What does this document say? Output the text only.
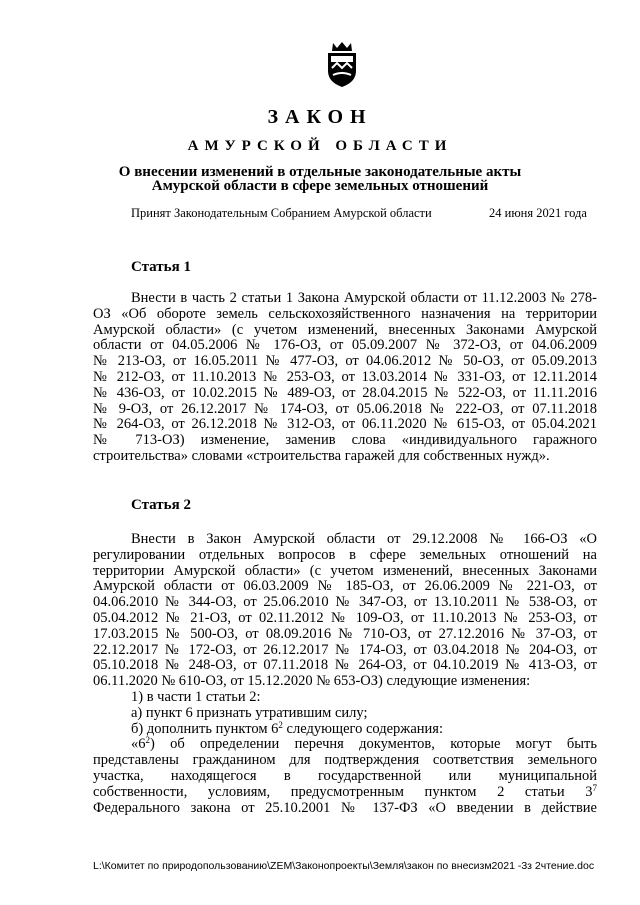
ЗАКОН
АМУРСКОЙ ОБЛАСТИ
О внесении изменений в отдельные законодательные акты
Амурской области в сфере земельных отношений
Принят Законодательным Собранием Амурской области	24 июня 2021 года
Статья 1
Внести в часть 2 статьи 1 Закона Амурской области от 11.12.2003 № 278-
ОЗ «Об обороте земель сельскохозяйственного назначения на территории
Амурской области» (с учетом изменений, внесенных Законами Амурской
области от 04.05.2006 № 176-ОЗ, от 05.09.2007 № 372-ОЗ, от 04.06.2009
№ 213-ОЗ, от 16.05.2011 № 477-ОЗ, от 04.06.2012 № 50-ОЗ, от 05.09.2013
№ 212-ОЗ, от 11.10.2013 № 253-ОЗ, от 13.03.2014 № 331-ОЗ, от 12.11.2014
№ 436-ОЗ, от 10.02.2015 № 489-ОЗ, от 28.04.2015 № 522-ОЗ, от 11.11.2016
№ 9-ОЗ, от 26.12.2017 № 174-ОЗ, от 05.06.2018 № 222-ОЗ, от 07.11.2018
№ 264-ОЗ, от 26.12.2018 № 312-ОЗ, от 06.11.2020 № 615-ОЗ, от 05.04.2021
№ 713-ОЗ) изменение, заменив слова «индивидуального гаражного
строительства» словами «строительства гаражей для собственных нужд».
Статья 2
Внести в Закон Амурской области от 29.12.2008 № 166-ОЗ «О
регулировании отдельных вопросов в сфере земельных отношений на
территории Амурской области» (с учетом изменений, внесенных Законами
Амурской области от 06.03.2009 № 185-ОЗ, от 26.06.2009 № 221-ОЗ, от
04.06.2010 № 344-ОЗ, от 25.06.2010 № 347-ОЗ, от 13.10.2011 № 538-ОЗ, от
05.04.2012 № 21-ОЗ, от 02.11.2012 № 109-ОЗ, от 11.10.2013 № 253-ОЗ, от
17.03.2015 № 500-ОЗ, от 08.09.2016 № 710-ОЗ, от 27.12.2016 № 37-ОЗ, от
22.12.2017 № 172-ОЗ, от 26.12.2017 № 174-ОЗ, от 03.04.2018 № 204-ОЗ, от
05.10.2018 № 248-ОЗ, от 07.11.2018 № 264-ОЗ, от 04.10.2019 № 413-ОЗ, от
06.11.2020 № 610-ОЗ, от 15.12.2020 № 653-ОЗ) следующие изменения:
1) в части 1 статьи 2:
а) пункт 6 признать утратившим силу;
б) дополнить пунктом $6^2$ следующего содержания:
«$6^2$) об определении перечня документов, которые могут быть
представлены гражданином для подтверждения соответствия земельного
участка, находящегося в государственной или муниципальной
собственности, условиям, предусмотренным пунктом 2 статьи $3^7$
Федерального закона от 25.10.2001 № 137-ФЗ «О введении в действие
L:\Комитет по природопользованию\ZEM\Законопроекты\Земля\закон по внесизм2021 -3з 2чтение.doc
